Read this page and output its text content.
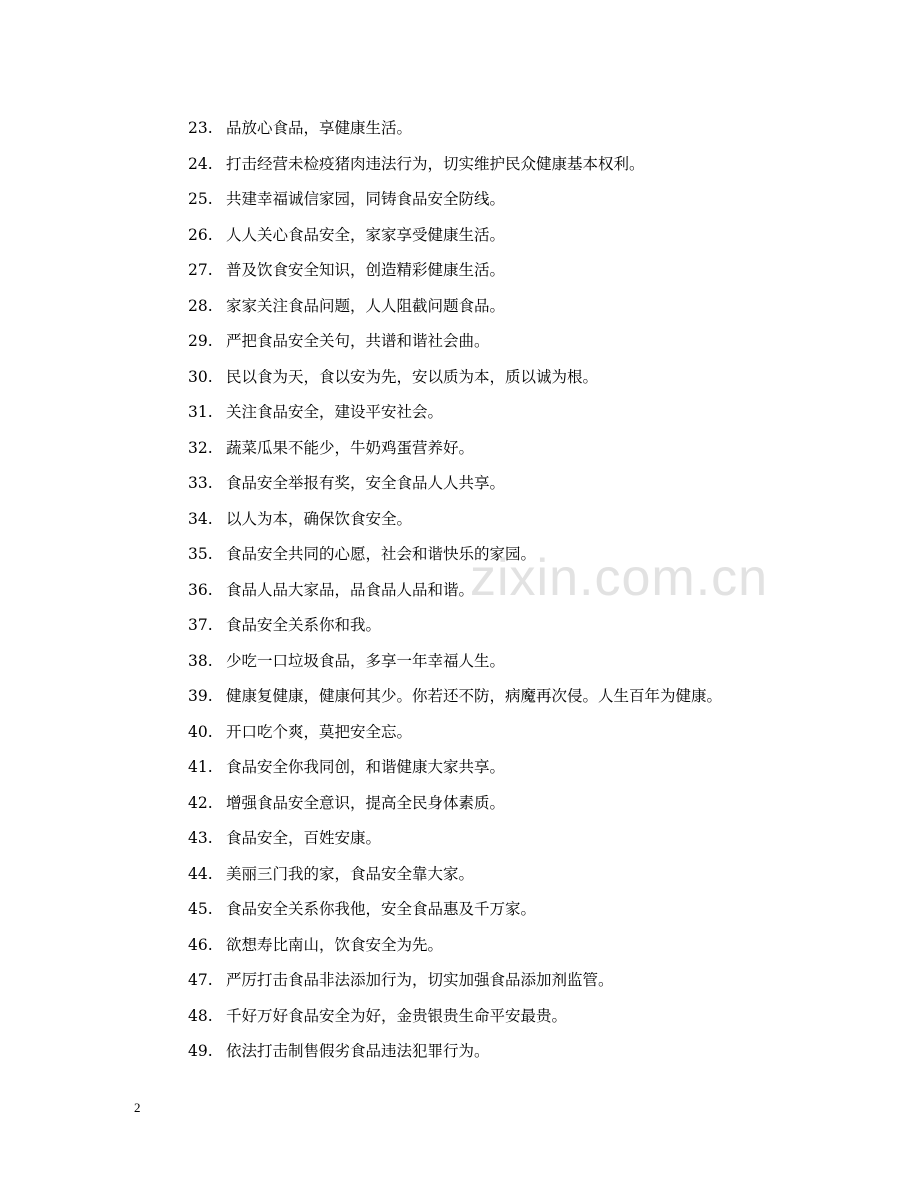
23. 品放心食品，享健康生活。
24. 打击经营未检疫猪肉违法行为，切实维护民众健康基本权利。
25. 共建幸福诚信家园，同铸食品安全防线。
26. 人人关心食品安全，家家享受健康生活。
27. 普及饮食安全知识，创造精彩健康生活。
28. 家家关注食品问题，人人阻截问题食品。
29. 严把食品安全关句，共谱和谐社会曲。
30. 民以食为天，食以安为先，安以质为本，质以诚为根。
31. 关注食品安全，建设平安社会。
32. 蔬菜瓜果不能少，牛奶鸡蛋营养好。
33. 食品安全举报有奖，安全食品人人共享。
34. 以人为本，确保饮食安全。
35. 食品安全共同的心愿，社会和谐快乐的家园。
36. 食品人品大家品，品食品人品和谐。
37. 食品安全关系你和我。
38. 少吃一口垃圾食品，多享一年幸福人生。
39. 健康复健康，健康何其少。你若还不防，病魔再次侵。人生百年为健康。
40. 开口吃个爽，莫把安全忘。
41. 食品安全你我同创，和谐健康大家共享。
42. 增强食品安全意识，提高全民身体素质。
43. 食品安全，百姓安康。
44. 美丽三门我的家，食品安全靠大家。
45. 食品安全关系你我他，安全食品惠及千万家。
46. 欲想寿比南山，饮食安全为先。
47. 严厉打击食品非法添加行为，切实加强食品添加剂监管。
48. 千好万好食品安全为好，金贵银贵生命平安最贵。
49. 依法打击制售假劣食品违法犯罪行为。
zixin.com.cn
2
